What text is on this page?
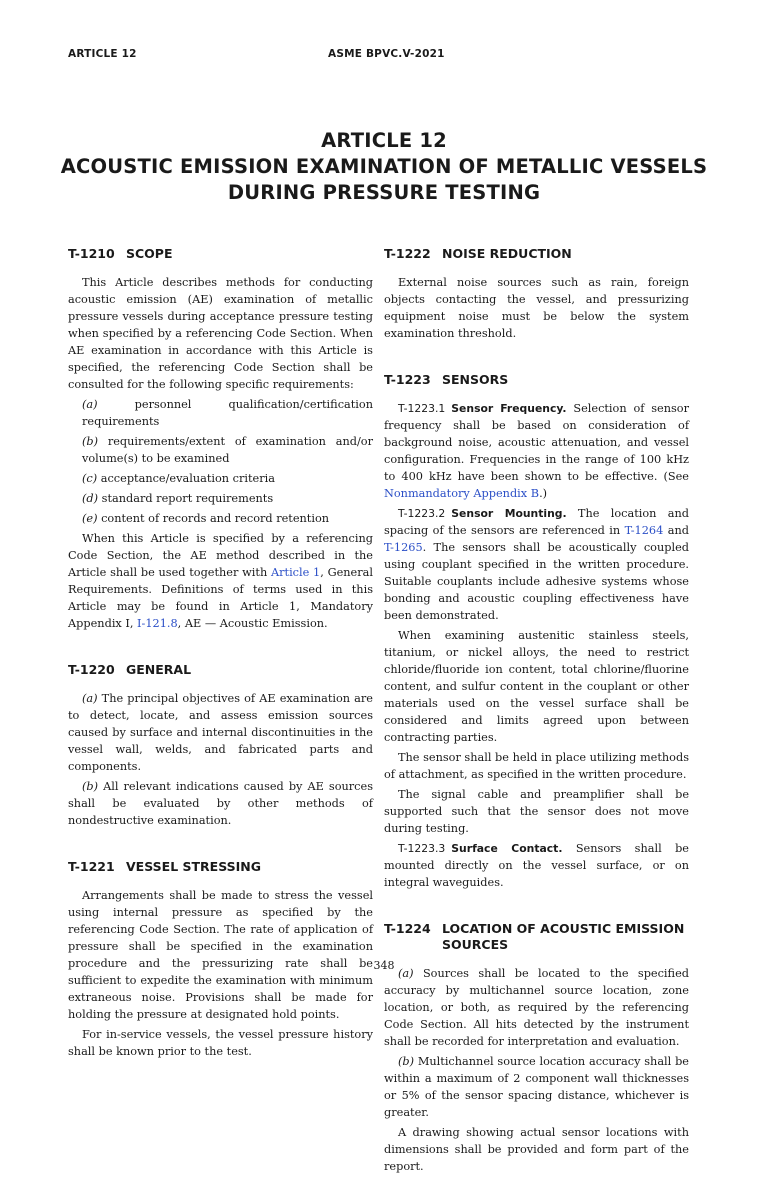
ARTICLE 12	ASME BPVC.V-2021
ARTICLE 12
ACOUSTIC EMISSION EXAMINATION OF METALLIC VESSELS
DURING PRESSURE TESTING
T-1210 SCOPE

This Article describes methods for conducting acoustic emission (AE) examination of metallic pressure vessels during acceptance pressure testing when specified by a referencing Code Section. When AE examination in accordance with this Article is specified, the referencing Code Section shall be consulted for the following specific requirements:

(a)	personnel qualification/certification requirements

(b) requirements/extent of examination and/or volume(s) to be examined

(c) acceptance/evaluation criteria

(d) standard report requirements

(e) content of records and record retention

When this Article is specified by a referencing Code Section, the AE method described in the Article shall be used together with Article 1, General Requirements. Definitions of terms used in this Article may be found in Article 1, Mandatory Appendix I, I-121.8, AE — Acoustic Emission.

T-1220 GENERAL

(a) The principal objectives of AE examination are to detect, locate, and assess emission sources caused by surface and internal discontinuities in the vessel wall, welds, and fabricated parts and components.

(b) All relevant indications caused by AE sources shall be evaluated by other methods of nondestructive examination.

T-1221 VESSEL STRESSING

Arrangements shall be made to stress the vessel using internal pressure as specified by the referencing Code Section. The rate of application of pressure shall be specified in the examination procedure and the pressurizing rate shall be sufficient to expedite the examination with minimum extraneous noise. Provisions shall be made for holding the pressure at designated hold points.

For in-service vessels, the vessel pressure history shall be known prior to the test.

T-1222 NOISE REDUCTION

External noise sources such as rain, foreign objects contacting the vessel, and pressurizing equipment noise must be below the system examination threshold.

T-1223 SENSORS

T-1223.1 Sensor Frequency. Selection of sensor frequency shall be based on consideration of background noise, acoustic attenuation, and vessel configuration. Frequencies in the range of 100 kHz to 400 kHz have been shown to be effective. (See Nonmandatory Appendix B.)

T-1223.2 Sensor Mounting. The location and spacing of the sensors are referenced in T-1264 and T-1265. The sensors shall be acoustically coupled using couplant specified in the written procedure. Suitable couplants include adhesive systems whose bonding and acoustic coupling effectiveness have been demonstrated.

When examining austenitic stainless steels, titanium, or nickel alloys, the need to restrict chloride/fluoride ion content, total chlorine/fluorine content, and sulfur content in the couplant or other materials used on the vessel surface shall be considered and limits agreed upon between contracting parties.

The sensor shall be held in place utilizing methods of attachment, as specified in the written procedure.

The signal cable and preamplifier shall be supported such that the sensor does not move during testing.

T-1223.3 Surface Contact. Sensors shall be mounted directly on the vessel surface, or on integral waveguides.

T-1224 LOCATION OF ACOUSTIC EMISSION SOURCES

(a) Sources shall be located to the specified accuracy by multichannel source location, zone location, or both, as required by the referencing Code Section. All hits detected by the instrument shall be recorded for interpretation and evaluation.

(b) Multichannel source location accuracy shall be within a maximum of 2 component wall thicknesses or 5% of the sensor spacing distance, whichever is greater.

A drawing showing actual sensor locations with dimensions shall be provided and form part of the report.

348
